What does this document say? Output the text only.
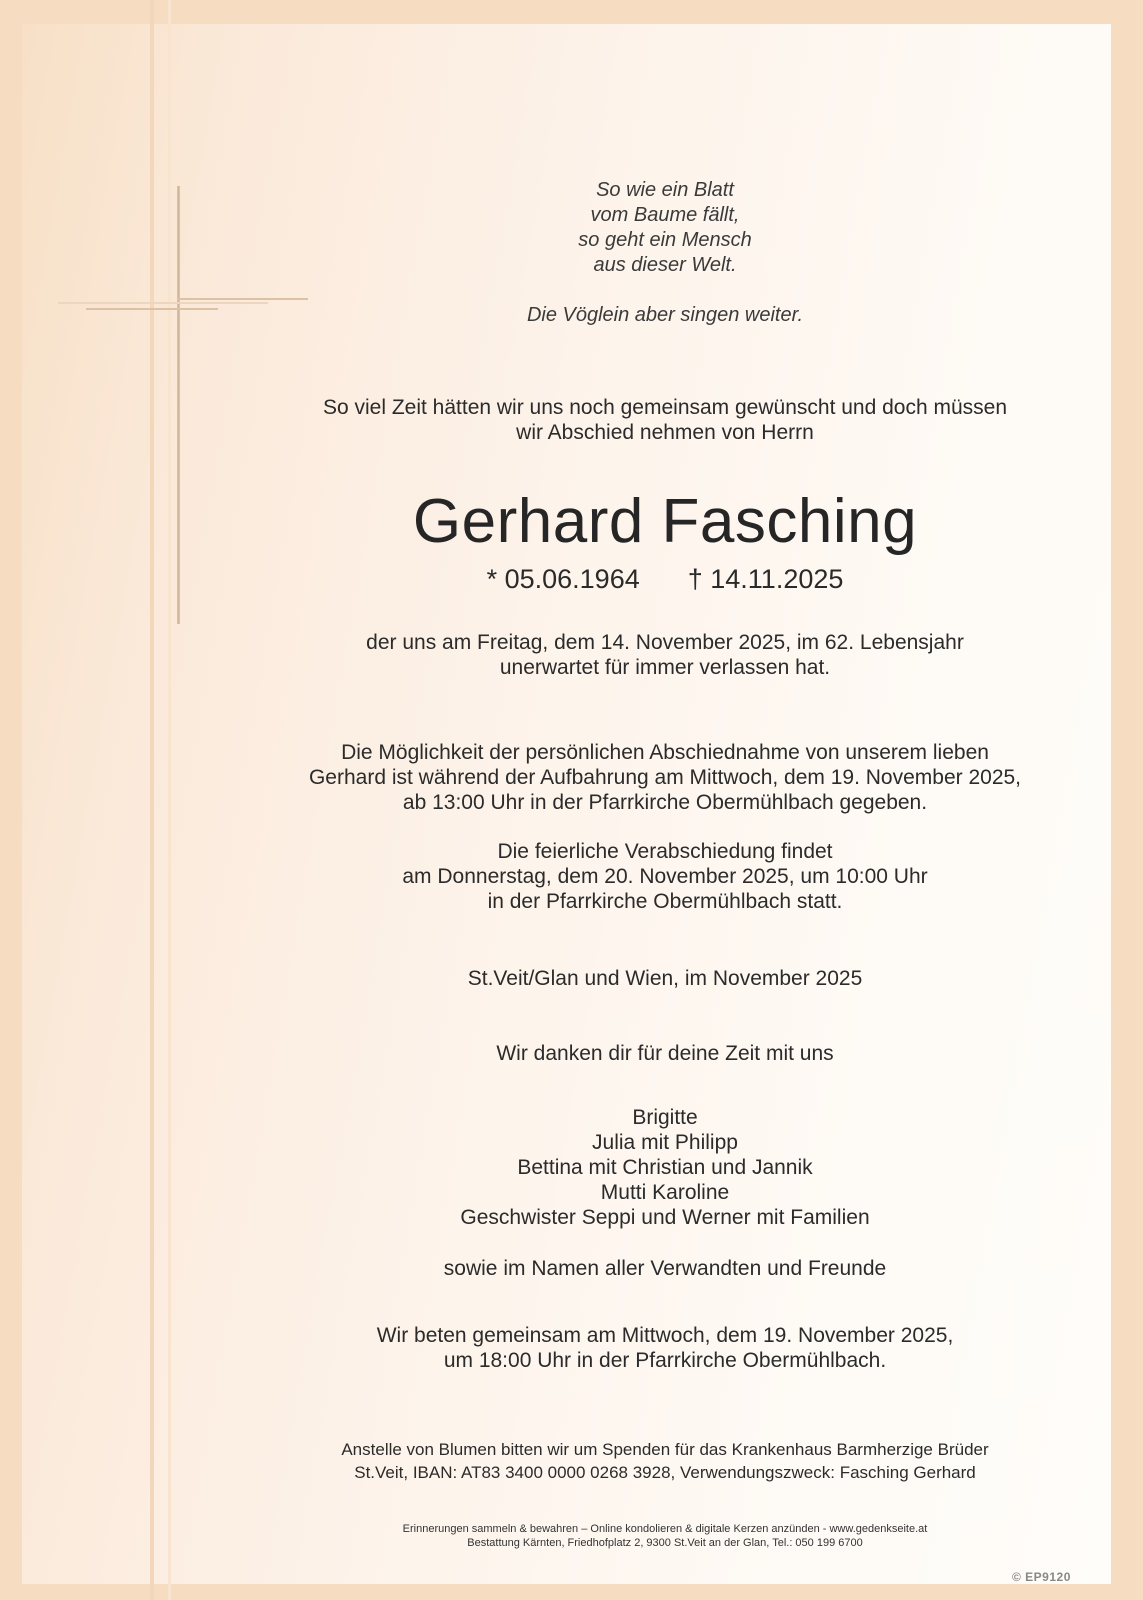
So wie ein Blatt
vom Baume fällt,
so geht ein Mensch
aus dieser Welt.
Die Vöglein aber singen weiter.
So viel Zeit hätten wir uns noch gemeinsam gewünscht und doch müssen
wir Abschied nehmen von Herrn
Gerhard Fasching
* 05.06.1964 † 14.11.2025
der uns am Freitag, dem 14. November 2025, im 62. Lebensjahr
unerwartet für immer verlassen hat.
Die Möglichkeit der persönlichen Abschiednahme von unserem lieben
Gerhard ist während der Aufbahrung am Mittwoch, dem 19. November 2025,
ab 13:00 Uhr in der Pfarrkirche Obermühlbach gegeben.
Die feierliche Verabschiedung findet
am Donnerstag, dem 20. November 2025, um 10:00 Uhr
in der Pfarrkirche Obermühlbach statt.
St.Veit/Glan und Wien, im November 2025
Wir danken dir für deine Zeit mit uns
Brigitte
Julia mit Philipp
Bettina mit Christian und Jannik
Mutti Karoline
Geschwister Seppi und Werner mit Familien
sowie im Namen aller Verwandten und Freunde
Wir beten gemeinsam am Mittwoch, dem 19. November 2025,
um 18:00 Uhr in der Pfarrkirche Obermühlbach.
Anstelle von Blumen bitten wir um Spenden für das Krankenhaus Barmherzige Brüder
St.Veit, IBAN: AT83 3400 0000 0268 3928, Verwendungszweck: Fasching Gerhard
Erinnerungen sammeln & bewahren – Online kondolieren & digitale Kerzen anzünden - www.gedenkseite.at
Bestattung Kärnten, Friedhofplatz 2, 9300 St.Veit an der Glan, Tel.: 050 199 6700
© EP9120
